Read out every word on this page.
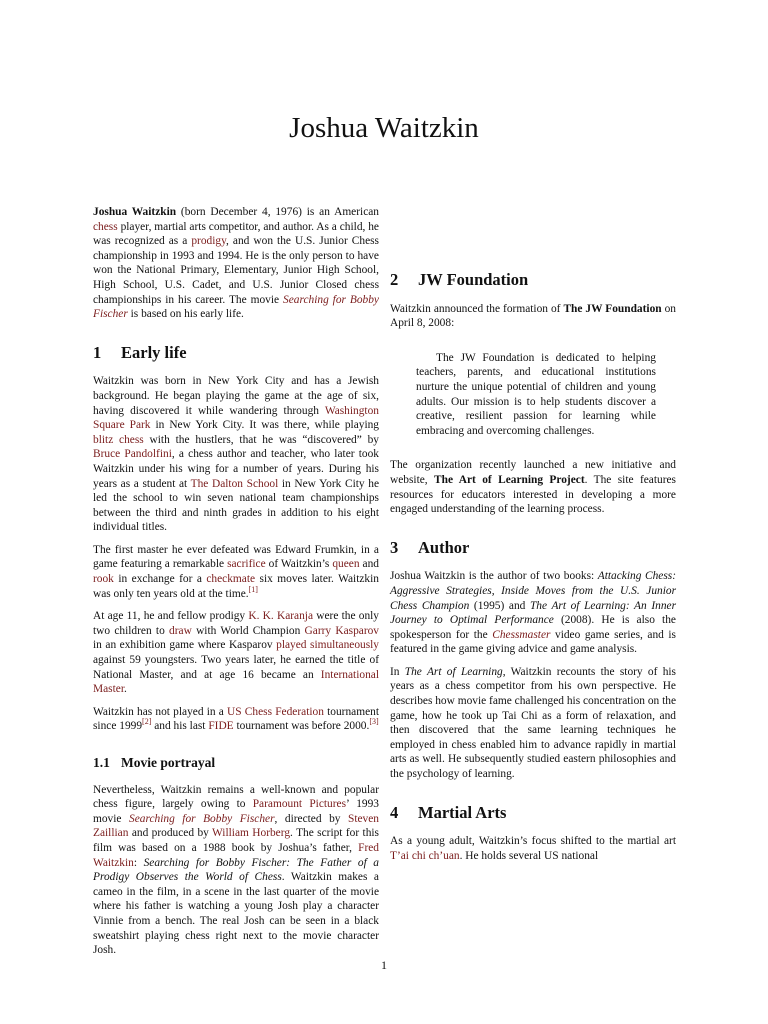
Joshua Waitzkin

Joshua Waitzkin (born December 4, 1976) is an American chess player, martial arts competitor, and author. As a child, he was recognized as a prodigy, and won the U.S. Junior Chess championship in 1993 and 1994. He is the only person to have won the National Primary, Elementary, Junior High School, High School, U.S. Cadet, and U.S. Junior Closed chess championships in his career. The movie Searching for Bobby Fischer is based on his early life.

1 Early life

Waitzkin was born in New York City and has a Jewish background. He began playing the game at the age of six, having discovered it while wandering through Washington Square Park in New York City. It was there, while playing blitz chess with the hustlers, that he was “discovered” by Bruce Pandolfini, a chess author and teacher, who later took Waitzkin under his wing for a number of years. During his years as a student at The Dalton School in New York City he led the school to win seven national team championships between the third and ninth grades in addition to his eight individual titles.

The first master he ever defeated was Edward Frumkin, in a game featuring a remarkable sacrifice of Waitzkin’s queen and rook in exchange for a checkmate six moves later. Waitzkin was only ten years old at the time.[1]

At age 11, he and fellow prodigy K. K. Karanja were the only two children to draw with World Champion Garry Kasparov in an exhibition game where Kasparov played simultaneously against 59 youngsters. Two years later, he earned the title of National Master, and at age 16 became an International Master.

Waitzkin has not played in a US Chess Federation tournament since 1999[2] and his last FIDE tournament was before 2000.[3]

1.1 Movie portrayal

Nevertheless, Waitzkin remains a well-known and popular chess figure, largely owing to Paramount Pictures’ 1993 movie Searching for Bobby Fischer, directed by Steven Zaillian and produced by William Horberg. The script for this film was based on a 1988 book by Joshua’s father, Fred Waitzkin: Searching for Bobby Fischer: The Father of a Prodigy Observes the World of Chess. Waitzkin makes a cameo in the film, in a scene in the last quarter of the movie where his father is watching a young Josh play a character Vinnie from a bench. The real Josh can be seen in a black sweatshirt playing chess right next to the movie character Josh.

2 JW Foundation

Waitzkin announced the formation of The JW Foundation on April 8, 2008:

The JW Foundation is dedicated to helping teachers, parents, and educational institutions nurture the unique potential of children and young adults. Our mission is to help students discover a creative, resilient passion for learning while embracing and overcoming challenges.

The organization recently launched a new initiative and website, The Art of Learning Project. The site features resources for educators interested in developing a more engaged understanding of the learning process.

3 Author

Joshua Waitzkin is the author of two books: Attacking Chess: Aggressive Strategies, Inside Moves from the U.S. Junior Chess Champion (1995) and The Art of Learning: An Inner Journey to Optimal Performance (2008). He is also the spokesperson for the Chessmaster video game series, and is featured in the game giving advice and game analysis.

In The Art of Learning, Waitzkin recounts the story of his years as a chess competitor from his own perspective. He describes how movie fame challenged his concentration on the game, how he took up Tai Chi as a form of relaxation, and then discovered that the same learning techniques he employed in chess enabled him to advance rapidly in martial arts as well. He subsequently studied eastern philosophies and the psychology of learning.

4 Martial Arts

As a young adult, Waitzkin’s focus shifted to the martial art T’ai chi ch’uan. He holds several US national

1
